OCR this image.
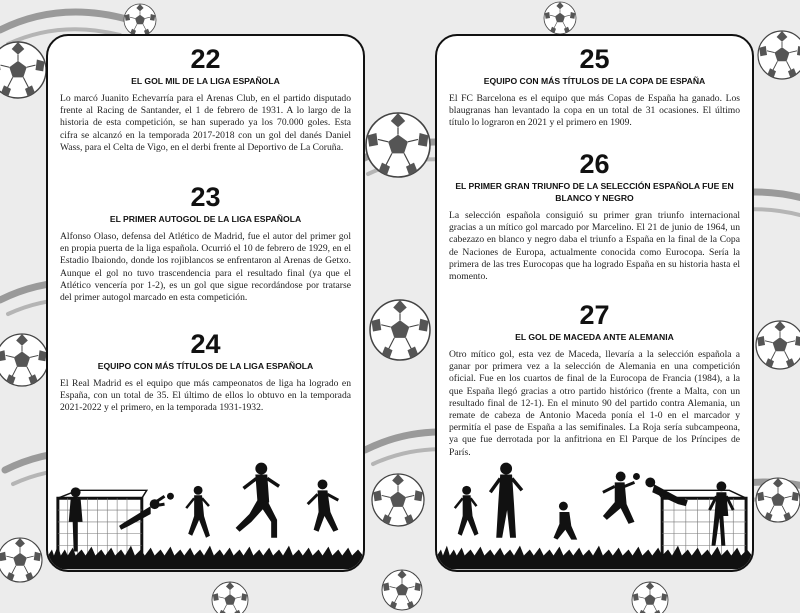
22
EL GOL MIL DE LA LIGA ESPAÑOLA
Lo marcó Juanito Echevarría para el Arenas Club, en el partido disputado frente al Racing de Santander, el 1 de febrero de 1931. A lo largo de la historia de esta competición, se han superado ya los 70.000 goles. Esta cifra se alcanzó en la temporada 2017-2018 con un gol del danés Daniel Wass, para el Celta de Vigo, en el derbi frente al Deportivo de La Coruña.
23
EL PRIMER AUTOGOL DE LA LIGA ESPAÑOLA
Alfonso Olaso, defensa del Atlético de Madrid, fue el autor del primer gol en propia puerta de la liga española. Ocurrió el 10 de febrero de 1929, en el Estadio Ibaiondo, donde los rojiblancos se enfrentaron al Arenas de Getxo. Aunque el gol no tuvo trascendencia para el resultado final (ya que el Atlético vencería por 1-2), es un gol que sigue recordándose por tratarse del primer autogol marcado en esta competición.
24
EQUIPO CON MÁS TÍTULOS DE LA LIGA ESPAÑOLA
El Real Madrid es el equipo que más campeonatos de liga ha logrado en España, con un total de 35. El último de ellos lo obtuvo en la temporada 2021-2022 y el primero, en la temporada 1931-1932.
25
EQUIPO CON MÁS TÍTULOS DE LA COPA DE ESPAÑA
El FC Barcelona es el equipo que más Copas de España ha ganado. Los blaugranas han levantado la copa en un total de 31 ocasiones. El último título lo lograron en 2021 y el primero en 1909.
26
EL PRIMER GRAN TRIUNFO DE LA SELECCIÓN ESPAÑOLA FUE EN BLANCO Y NEGRO
La selección española consiguió su primer gran triunfo internacional gracias a un mítico gol marcado por Marcelino. El 21 de junio de 1964, un cabezazo en blanco y negro daba el triunfo a España en la final de la Copa de Naciones de Europa, actualmente conocida como Eurocopa. Sería la primera de las tres Eurocopas que ha logrado España en su historia hasta el momento.
27
EL GOL DE MACEDA ANTE ALEMANIA
Otro mítico gol, esta vez de Maceda, llevaría a la selección española a ganar por primera vez a la selección de Alemania en una competición oficial. Fue en los cuartos de final de la Eurocopa de Francia (1984), a la que España llegó gracias a otro partido histórico (frente a Malta, con un resultado final de 12-1). En el minuto 90 del partido contra Alemania, un remate de cabeza de Antonio Maceda ponía el 1-0 en el marcador y permitía el pase de España a las semifinales. La Roja sería subcampeona, ya que fue derrotada por la anfitriona en El Parque de los Príncipes de París.
